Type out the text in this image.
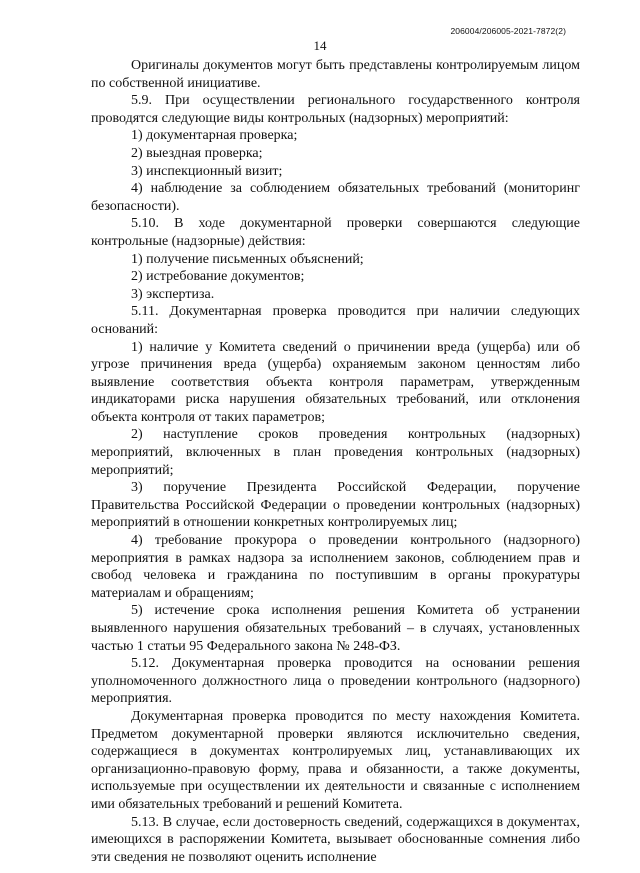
206004/206005-2021-7872(2)
14

Оригиналы документов могут быть представлены контролируемым лицом по собственной инициативе.

5.9. При осуществлении регионального государственного контроля проводятся следующие виды контрольных (надзорных) мероприятий:

1) документарная проверка;

2) выездная проверка;

3) инспекционный визит;

4) наблюдение за соблюдением обязательных требований (мониторинг безопасности).

5.10. В ходе документарной проверки совершаются следующие контрольные (надзорные) действия:

1) получение письменных объяснений;

2) истребование документов;

3) экспертиза.

5.11. Документарная проверка проводится при наличии следующих оснований:

1) наличие у Комитета сведений о причинении вреда (ущерба) или об угрозе причинения вреда (ущерба) охраняемым законом ценностям либо выявление соответствия объекта контроля параметрам, утвержденным индикаторами риска нарушения обязательных требований, или отклонения объекта контроля от таких параметров;

2) наступление сроков проведения контрольных (надзорных) мероприятий, включенных в план проведения контрольных (надзорных) мероприятий;

3) поручение Президента Российской Федерации, поручение Правительства Российской Федерации о проведении контрольных (надзорных) мероприятий в отношении конкретных контролируемых лиц;

4) требование прокурора о проведении контрольного (надзорного) мероприятия в рамках надзора за исполнением законов, соблюдением прав и свобод человека и гражданина по поступившим в органы прокуратуры материалам и обращениям;

5) истечение срока исполнения решения Комитета об устранении выявленного нарушения обязательных требований – в случаях, установленных частью 1 статьи 95 Федерального закона № 248-ФЗ.

5.12. Документарная проверка проводится на основании решения уполномоченного должностного лица о проведении контрольного (надзорного) мероприятия.

Документарная проверка проводится по месту нахождения Комитета. Предметом документарной проверки являются исключительно сведения, содержащиеся в документах контролируемых лиц, устанавливающих их организационно-правовую форму, права и обязанности, а также документы, используемые при осуществлении их деятельности и связанные с исполнением ими обязательных требований и решений Комитета.

5.13. В случае, если достоверность сведений, содержащихся в документах, имеющихся в распоряжении Комитета, вызывает обоснованные сомнения либо эти сведения не позволяют оценить исполнение
